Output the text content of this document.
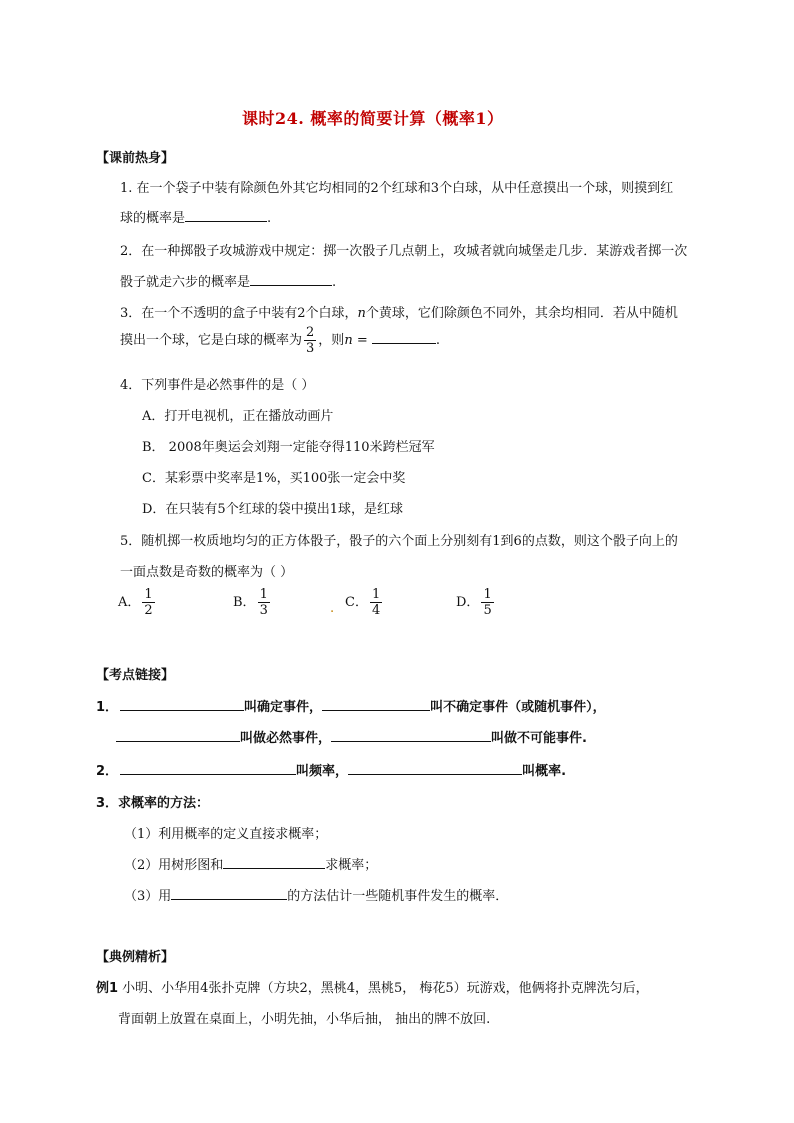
课时24. 概率的简要计算（概率1）
【课前热身】
1. 在一个袋子中装有除颜色外其它均相同的2个红球和3个白球，从中任意摸出一个球，则摸到红
球的概率是	.
2．在一种掷骰子攻城游戏中规定：掷一次骰子几点朝上，攻城者就向城堡走几步．某游戏者掷一次
骰子就走六步的概率是	.
3．在一个不透明的盒子中装有2个白球，n个黄球，它们除颜色不同外，其余均相同．若从中随机
摸出一个球，它是白球的概率为 $\frac{2}{3}$ ，则n =	.
4．下列事件是必然事件的是（ ）
A．打开电视机，正在播放动画片
B． 2008年奥运会刘翔一定能夺得110米跨栏冠军
C．某彩票中奖率是1%，买100张一定会中奖
D．在只装有5个红球的袋中摸出1球，是红球
5．随机掷一枚质地均匀的正方体骰子，骰子的六个面上分别刻有1到6的点数，则这个骰子向上的
一面点数是奇数的概率为（ ）
A． $\frac{1}{2}$	B． $\frac{1}{3}$	. C． $\frac{1}{4}$	D． $\frac{1}{5}$
【考点链接】
1．	叫确定事件，	叫不确定事件（或随机事件），
叫做必然事件，	叫做不可能事件.
2．	叫频率，	叫概率.
3．求概率的方法：
（1）利用概率的定义直接求概率；
（2）用树形图和	求概率；
（3）用	的方法估计一些随机事件发生的概率．
【典例精析】
例1 小明、小华用4张扑克牌（方块2，黑桃4，黑桃5， 梅花5）玩游戏，他俩将扑克牌洗匀后，
背面朝上放置在桌面上，小明先抽，小华后抽， 抽出的牌不放回.
